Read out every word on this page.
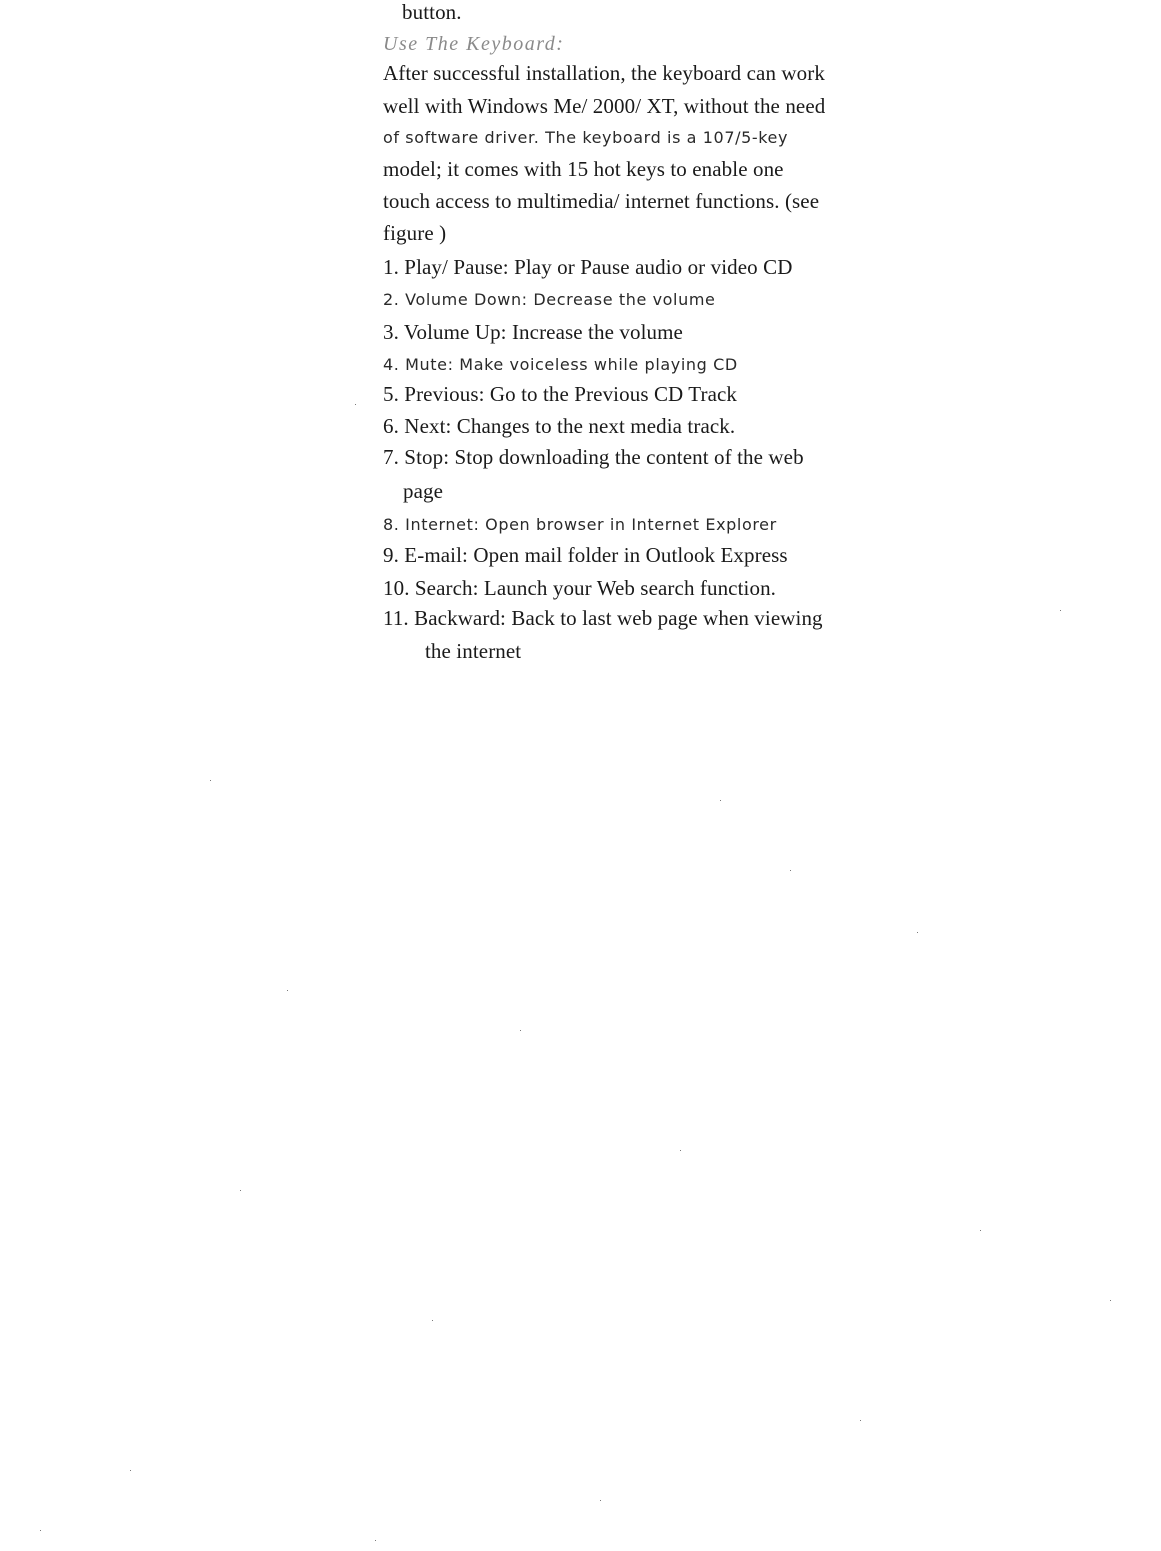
button.
Use The Keyboard:
After successful installation, the keyboard can work
well with Windows Me/ 2000/ XT, without the need
of software driver. The keyboard is a 107/5-key
model; it comes with 15 hot keys to enable one
touch access to multimedia/ internet functions. (see
figure )
1. Play/ Pause: Play or Pause audio or video CD
2. Volume Down: Decrease the volume
3. Volume Up: Increase the volume
4. Mute: Make voiceless while playing CD
5. Previous: Go to the Previous CD Track
6. Next: Changes to the next media track.
7. Stop: Stop downloading the content of the web
page
8. Internet: Open browser in Internet Explorer
9. E-mail: Open mail folder in Outlook Express
10. Search: Launch your Web search function.
11. Backward: Back to last web page when viewing
the internet
